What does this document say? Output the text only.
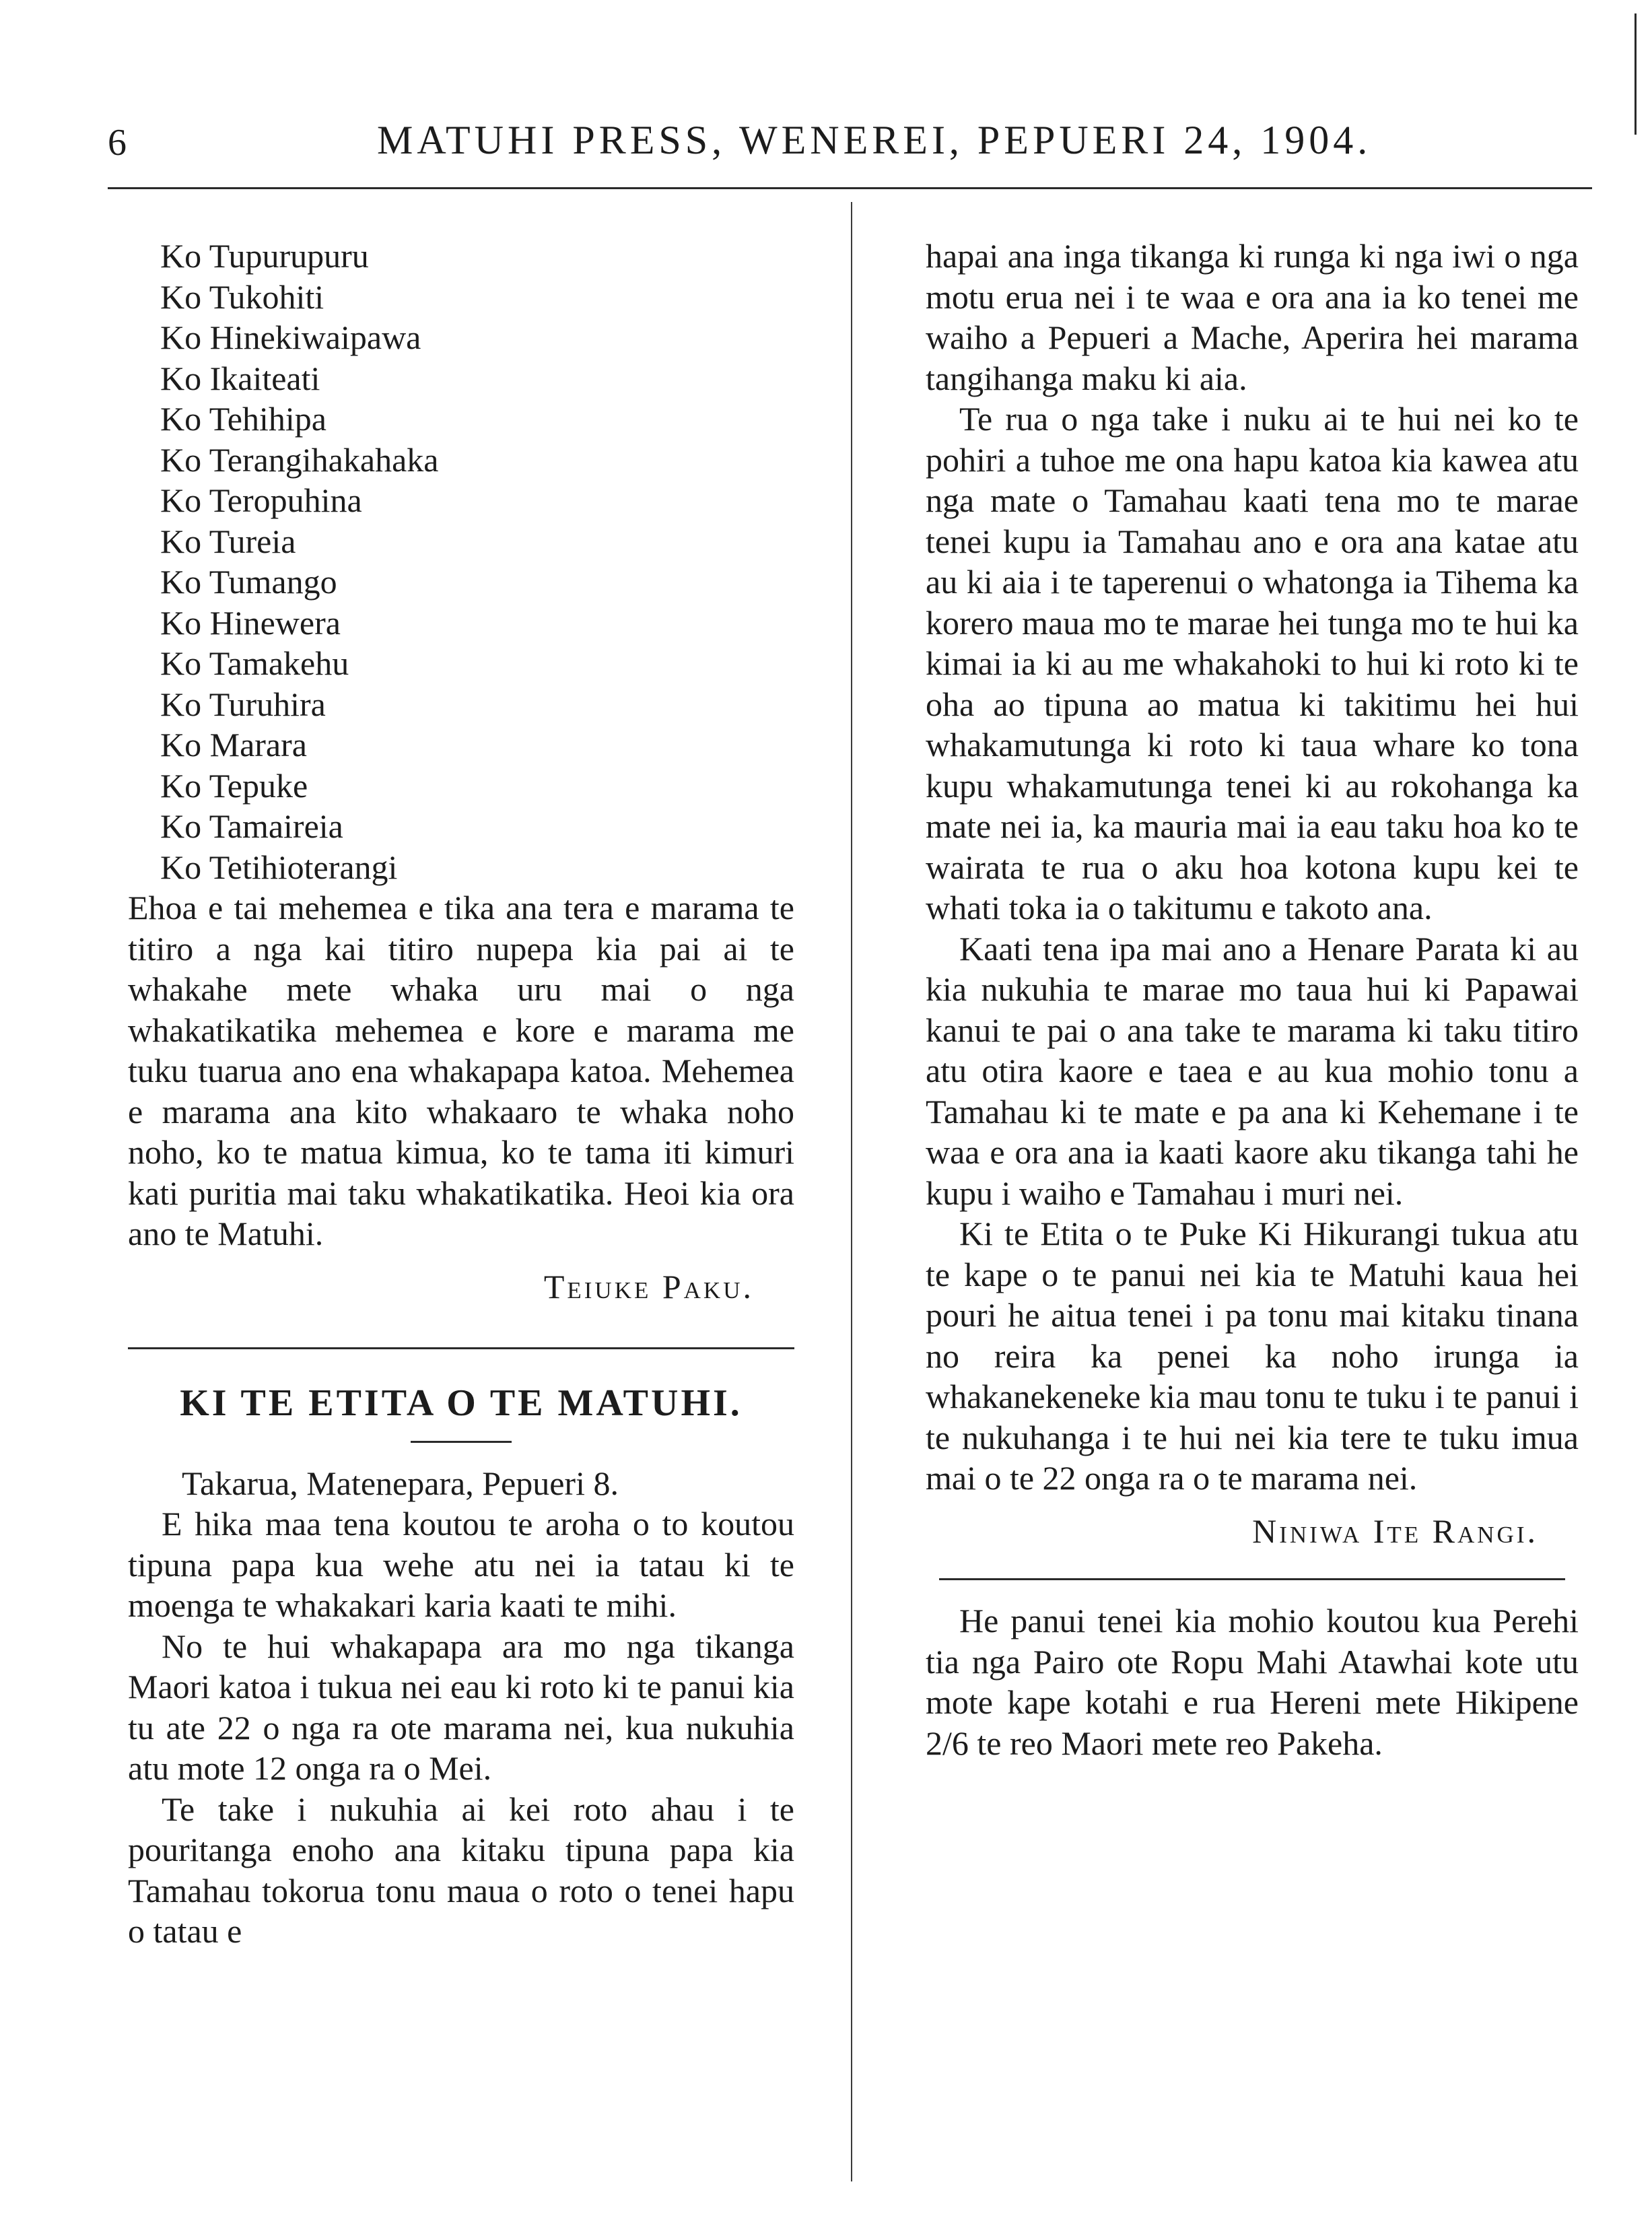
6	MATUHI PRESS, WENEREI, PEPUERI 24, 1904.
Ko Tupurupuru
Ko Tukohiti
Ko Hinekiwaipawa
Ko Ikaiteati
Ko Tehihipa
Ko Terangihakahaka
Ko Teropuhina
Ko Tureia
Ko Tumango
Ko Hinewera
Ko Tamakehu
Ko Turuhira
Ko Marara
Ko Tepuke
Ko Tamaireia
Ko Tetihioterangi

Ehoa e tai mehemea e tika ana tera e marama te titiro a nga kai titiro nupepa kia pai ai te whakahe mete whaka uru mai o nga whakatikatika mehemea e kore e marama me tuku tuarua ano ena whakapapa katoa. Mehemea e marama ana kito whakaaro te whaka noho noho, ko te matua kimua, ko te tama iti kimuri kati puritia mai taku whakatikatika. Heoi kia ora ano te Matuhi.

Teiuke Paku.

KI TE ETITA O TE MATUHI.

Takarua, Matenepara, Pepueri 8.

E hika maa tena koutou te aroha o to koutou tipuna papa kua wehe atu nei ia tatau ki te moenga te whakakari karia kaati te mihi.

No te hui whakapapa ara mo nga tikanga Maori katoa i tukua nei eau ki roto ki te panui kia tu ate 22 o nga ra ote marama nei, kua nukuhia atu mote 12 onga ra o Mei.

Te take i nukuhia ai kei roto ahau i te pouritanga enoho ana kitaku tipuna papa kia Tamahau tokorua tonu maua o roto o tenei hapu o tatau e

hapai ana inga tikanga ki runga ki nga iwi o nga motu erua nei i te waa e ora ana ia ko tenei me waiho a Pepueri a Mache, Aperira hei marama tangihanga maku ki aia.

Te rua o nga take i nuku ai te hui nei ko te pohiri a tuhoe me ona hapu katoa kia kawea atu nga mate o Tamahau kaati tena mo te marae tenei kupu ia Tamahau ano e ora ana katae atu au ki aia i te taperenui o whatonga ia Tihema ka korero maua mo te marae hei tunga mo te hui ka kimai ia ki au me whakahoki to hui ki roto ki te oha ao tipuna ao matua ki takitimu hei hui whakamutunga ki roto ki taua whare ko tona kupu whakamutunga tenei ki au rokohanga ka mate nei ia, ka mauria mai ia eau taku hoa ko te wairata te rua o aku hoa kotona kupu kei te whati toka ia o takitumu e takoto ana.

Kaati tena ipa mai ano a Henare Parata ki au kia nukuhia te marae mo taua hui ki Papawai kanui te pai o ana take te marama ki taku titiro atu otira kaore e taea e au kua mohio tonu a Tamahau ki te mate e pa ana ki Kehemane i te waa e ora ana ia kaati kaore aku tikanga tahi he kupu i waiho e Tamahau i muri nei.

Ki te Etita o te Puke Ki Hikurangi tukua atu te kape o te panui nei kia te Matuhi kaua hei pouri he aitua tenei i pa tonu mai kitaku tinana no reira ka penei ka noho irunga ia whakanekeneke kia mau tonu te tuku i te panui i te nukuhanga i te hui nei kia tere te tuku imua mai o te 22 onga ra o te marama nei.

Niniwa Ite Rangi.

He panui tenei kia mohio koutou kua Perehi tia nga Pairo ote Ropu Mahi Atawhai kote utu mote kape kotahi e rua Hereni mete Hikipene 2/6 te reo Maori mete reo Pakeha.
